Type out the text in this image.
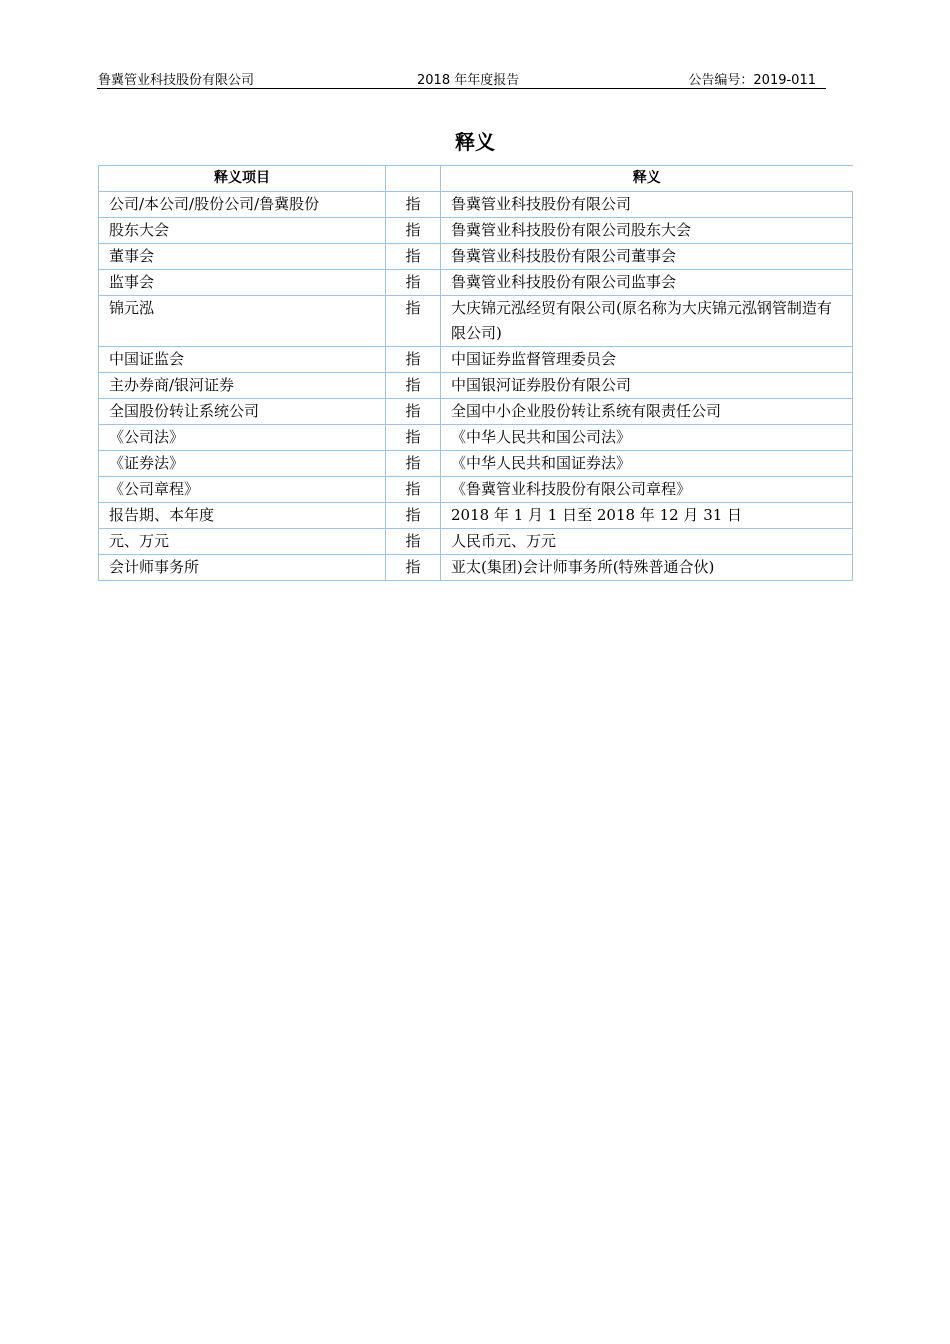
鲁冀管业科技股份有限公司	2018 年年度报告	公告编号：2019-011
释义
释义项目		释义
公司/本公司/股份公司/鲁冀股份	指	鲁冀管业科技股份有限公司
股东大会	指	鲁冀管业科技股份有限公司股东大会
董事会	指	鲁冀管业科技股份有限公司董事会
监事会	指	鲁冀管业科技股份有限公司监事会
锦元泓	指	大庆锦元泓经贸有限公司(原名称为大庆锦元泓钢管制造有限公司)
中国证监会	指	中国证券监督管理委员会
主办券商/银河证券	指	中国银河证券股份有限公司
全国股份转让系统公司	指	全国中小企业股份转让系统有限责任公司
《公司法》	指	《中华人民共和国公司法》
《证券法》	指	《中华人民共和国证券法》
《公司章程》	指	《鲁冀管业科技股份有限公司章程》
报告期、本年度	指	2018 年 1 月 1 日至 2018 年 12 月 31 日
元、万元	指	人民币元、万元
会计师事务所	指	亚太(集团)会计师事务所(特殊普通合伙)
